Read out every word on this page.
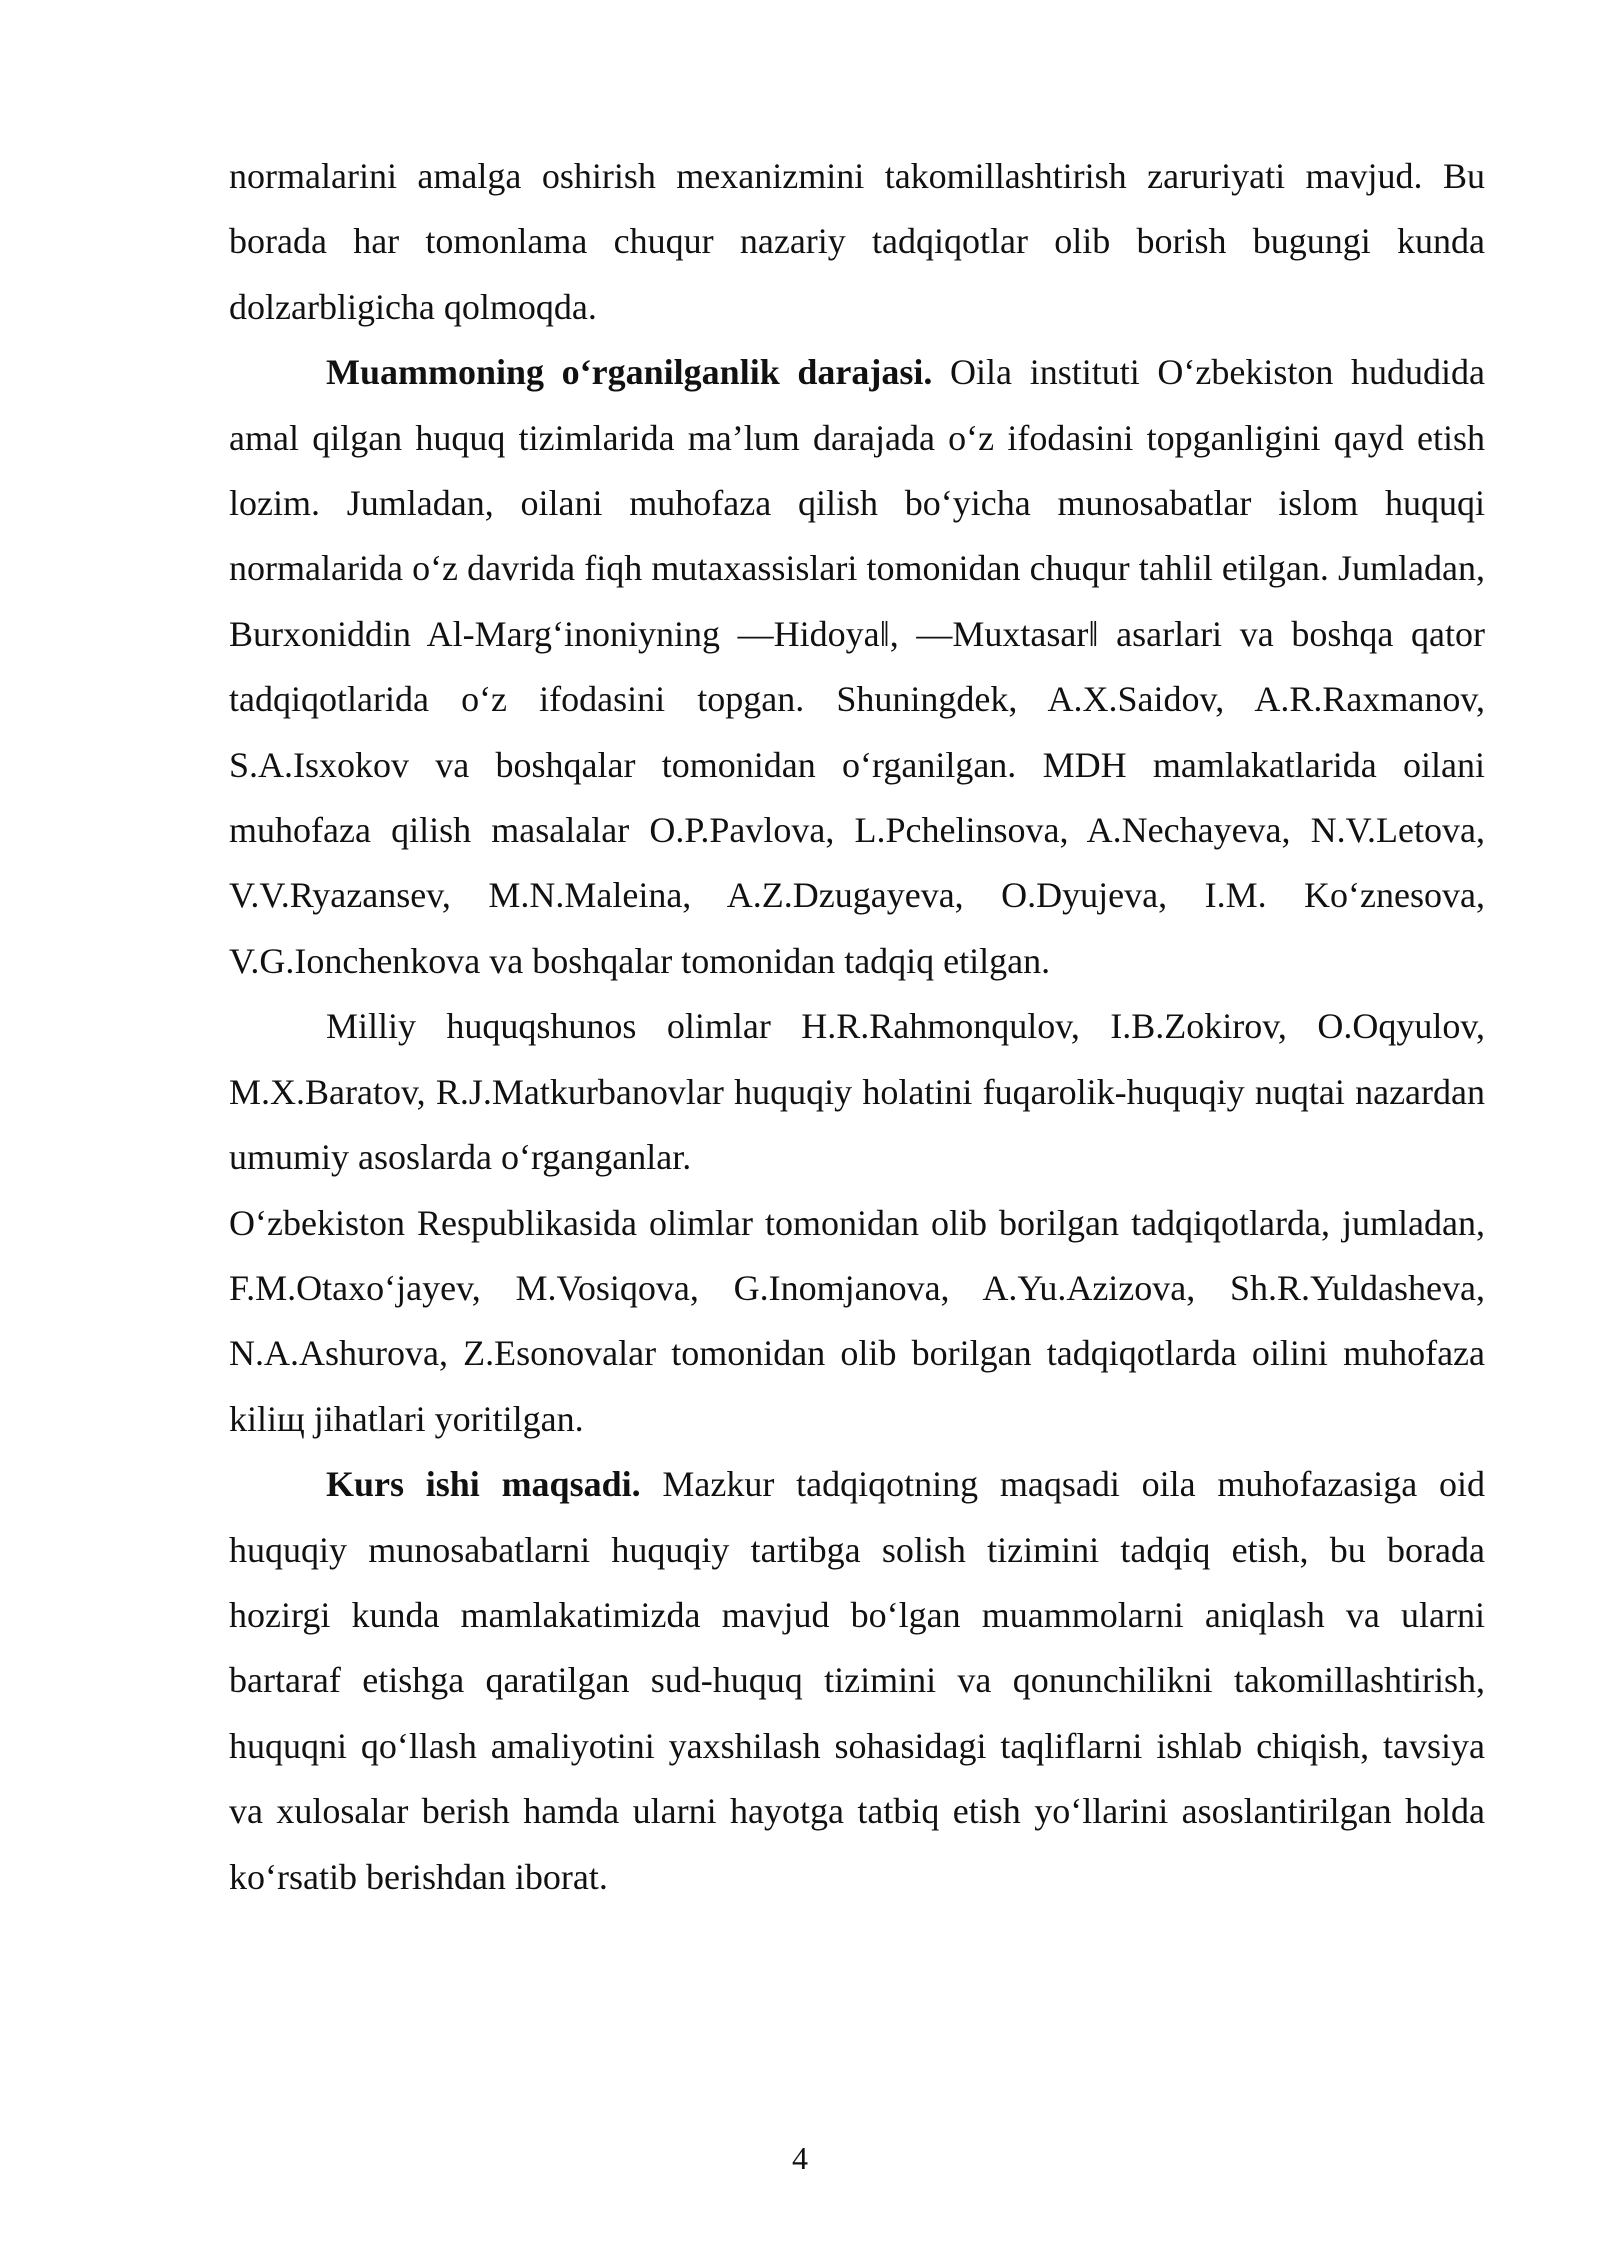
normalarini amalga oshirish mexanizmini takomillashtirish zaruriyati mavjud. Bu borada har tomonlama chuqur nazariy tadqiqotlar olib borish bugungi kunda dolzarbligicha qolmoqda.

Muammoning o‘rganilganlik darajasi. Oila instituti O‘zbekiston hududida amal qilgan huquq tizimlarida ma’lum darajada o‘z ifodasini topganligini qayd etish lozim. Jumladan, oilani muhofaza qilish bo‘yicha munosabatlar islom huquqi normalarida o‘z davrida fiqh mutaxassislari tomonidan chuqur tahlil etilgan. Jumladan, Burxoniddin Al-Marg‘inoniyning ―Hidoya‖, ―Muxtasar‖ asarlari va boshqa qator tadqiqotlarida o‘z ifodasini topgan. Shuningdek, A.X.Saidov, A.R.Raxmanov, S.A.Isxokov va boshqalar tomonidan o‘rganilgan. MDH mamlakatlarida oilani muhofaza qilish masalalar O.P.Pavlova, L.Pchelinsova, A.Nechayeva, N.V.Letova, V.V.Ryazansev, M.N.Maleina, A.Z.Dzugayeva, O.Dyujeva, I.M. Ko‘znesova, V.G.Ionchenkova va boshqalar tomonidan tadqiq etilgan.

Milliy huquqshunos olimlar H.R.Rahmonqulov, I.B.Zokirov, O.Oqyulov, M.X.Baratov, R.J.Matkurbanovlar huquqiy holatini fuqarolik-huquqiy nuqtai nazardan umumiy asoslarda o‘rganganlar.

O‘zbekiston Respublikasida olimlar tomonidan olib borilgan tadqiqotlarda, jumladan, F.M.Otaxo‘jayev, M.Vosiqova, G.Inomjanova, A.Yu.Azizova, Sh.R.Yuldasheva, N.A.Ashurova, Z.Esonovalar tomonidan olib borilgan tadqiqotlarda oilini muhofaza kiliщ jihatlari yoritilgan.

Kurs ishi maqsadi. Mazkur tadqiqotning maqsadi oila muhofazasiga oid huquqiy munosabatlarni huquqiy tartibga solish tizimini tadqiq etish, bu borada hozirgi kunda mamlakatimizda mavjud bo‘lgan muammolarni aniqlash va ularni bartaraf etishga qaratilgan sud-huquq tizimini va qonunchilikni takomillashtirish, huquqni qo‘llash amaliyotini yaxshilash sohasidagi taqliflarni ishlab chiqish, tavsiya va xulosalar berish hamda ularni hayotga tatbiq etish yo‘llarini asoslantirilgan holda ko‘rsatib berishdan iborat.

4
